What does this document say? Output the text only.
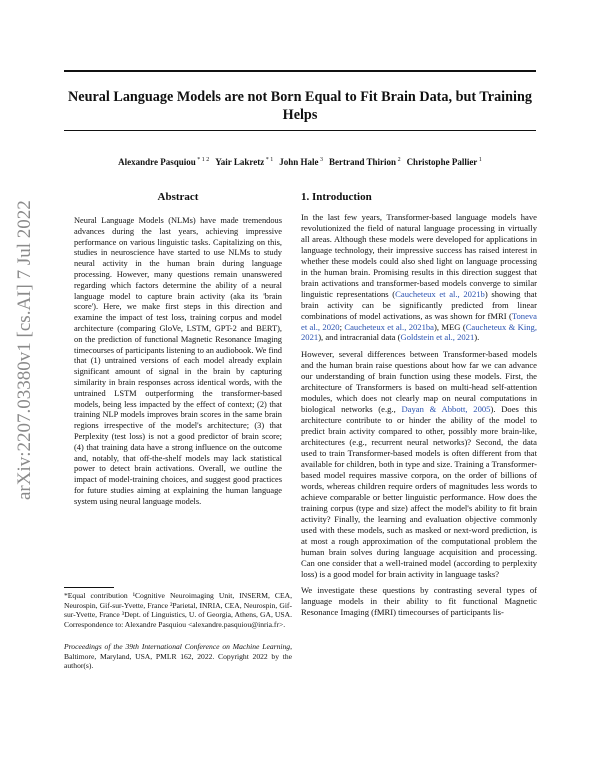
Neural Language Models are not Born Equal to Fit Brain Data, but Training Helps
Alexandre Pasquiou $^{* 1 2}$ Yair Lakretz $^{* 1}$ John Hale $^3$ Bertrand Thirion $^2$ Christophe Pallier $^1$
arXiv:2207.03380v1 [cs.AI] 7 Jul 2022
Abstract
Neural Language Models (NLMs) have made tremendous advances during the last years, achieving impressive performance on various linguistic tasks. Capitalizing on this, studies in neuroscience have started to use NLMs to study neural activity in the human brain during language processing. However, many questions remain unanswered regarding which factors determine the ability of a neural language model to capture brain activity (aka its 'brain score'). Here, we make first steps in this direction and examine the impact of test loss, training corpus and model architecture (comparing GloVe, LSTM, GPT-2 and BERT), on the prediction of functional Magnetic Resonance Imaging timecourses of participants listening to an audiobook. We find that (1) untrained versions of each model already explain significant amount of signal in the brain by capturing similarity in brain responses across identical words, with the untrained LSTM outperforming the transformer-based models, being less impacted by the effect of context; (2) that training NLP models improves brain scores in the same brain regions irrespective of the model's architecture; (3) that Perplexity (test loss) is not a good predictor of brain score; (4) that training data have a strong influence on the outcome and, notably, that off-the-shelf models may lack statistical power to detect brain activations. Overall, we outline the impact of model-training choices, and suggest good practices for future studies aiming at explaining the human language system using neural language models.
*Equal contribution ¹Cognitive Neuroimaging Unit, INSERM, CEA, Neurospin, Gif-sur-Yvette, France ²Parietal, INRIA, CEA, Neurospin, Gif-sur-Yvette, France ³Dept. of Linguistics, U. of Georgia, Athens, GA, USA. Correspondence to: Alexandre Pasquiou <alexandre.pasquiou@inria.fr>.
Proceedings of the 39th International Conference on Machine Learning, Baltimore, Maryland, USA, PMLR 162, 2022. Copyright 2022 by the author(s).
1. Introduction

In the last few years, Transformer-based language models have revolutionized the field of natural language processing in virtually all areas. Although these models were developed for applications in language technology, their impressive success has raised interest in whether these models could also shed light on language processing in the human brain. Promising results in this direction suggest that brain activations and transformer-based models converge to similar linguistic representations (Caucheteux et al., 2021b) showing that brain activity can be significantly predicted from linear combinations of model activations, as was shown for fMRI (Toneva et al., 2020; Caucheteux et al., 2021ba), MEG (Caucheteux & King, 2021), and intracranial data (Goldstein et al., 2021).

However, several differences between Transformer-based models and the human brain raise questions about how far we can advance our understanding of brain function using these models. First, the architecture of Transformers is based on multi-head self-attention modules, which does not clearly map on neural computations in biological networks (e.g., Dayan & Abbott, 2005). Does this architecture contribute to or hinder the ability of the model to predict brain activity compared to other, possibly more brain-like, architectures (e.g., recurrent neural networks)? Second, the data used to train Transformer-based models is often different from that available for children, both in type and size. Training a Transformer-based model requires massive corpora, on the order of billions of words, whereas children require orders of magnitudes less words to achieve comparable or better linguistic performance. How does the training corpus (type and size) affect the model's ability to fit brain activity? Finally, the learning and evaluation objective commonly used with these models, such as masked or next-word prediction, is at most a rough approximation of the computational problem the human brain solves during language acquisition and processing. Can one consider that a well-trained model (according to perplexity loss) is a good model for brain activity in language tasks?

We investigate these questions by contrasting several types of language models in their ability to fit functional Magnetic Resonance Imaging (fMRI) timecourses of participants lis-
